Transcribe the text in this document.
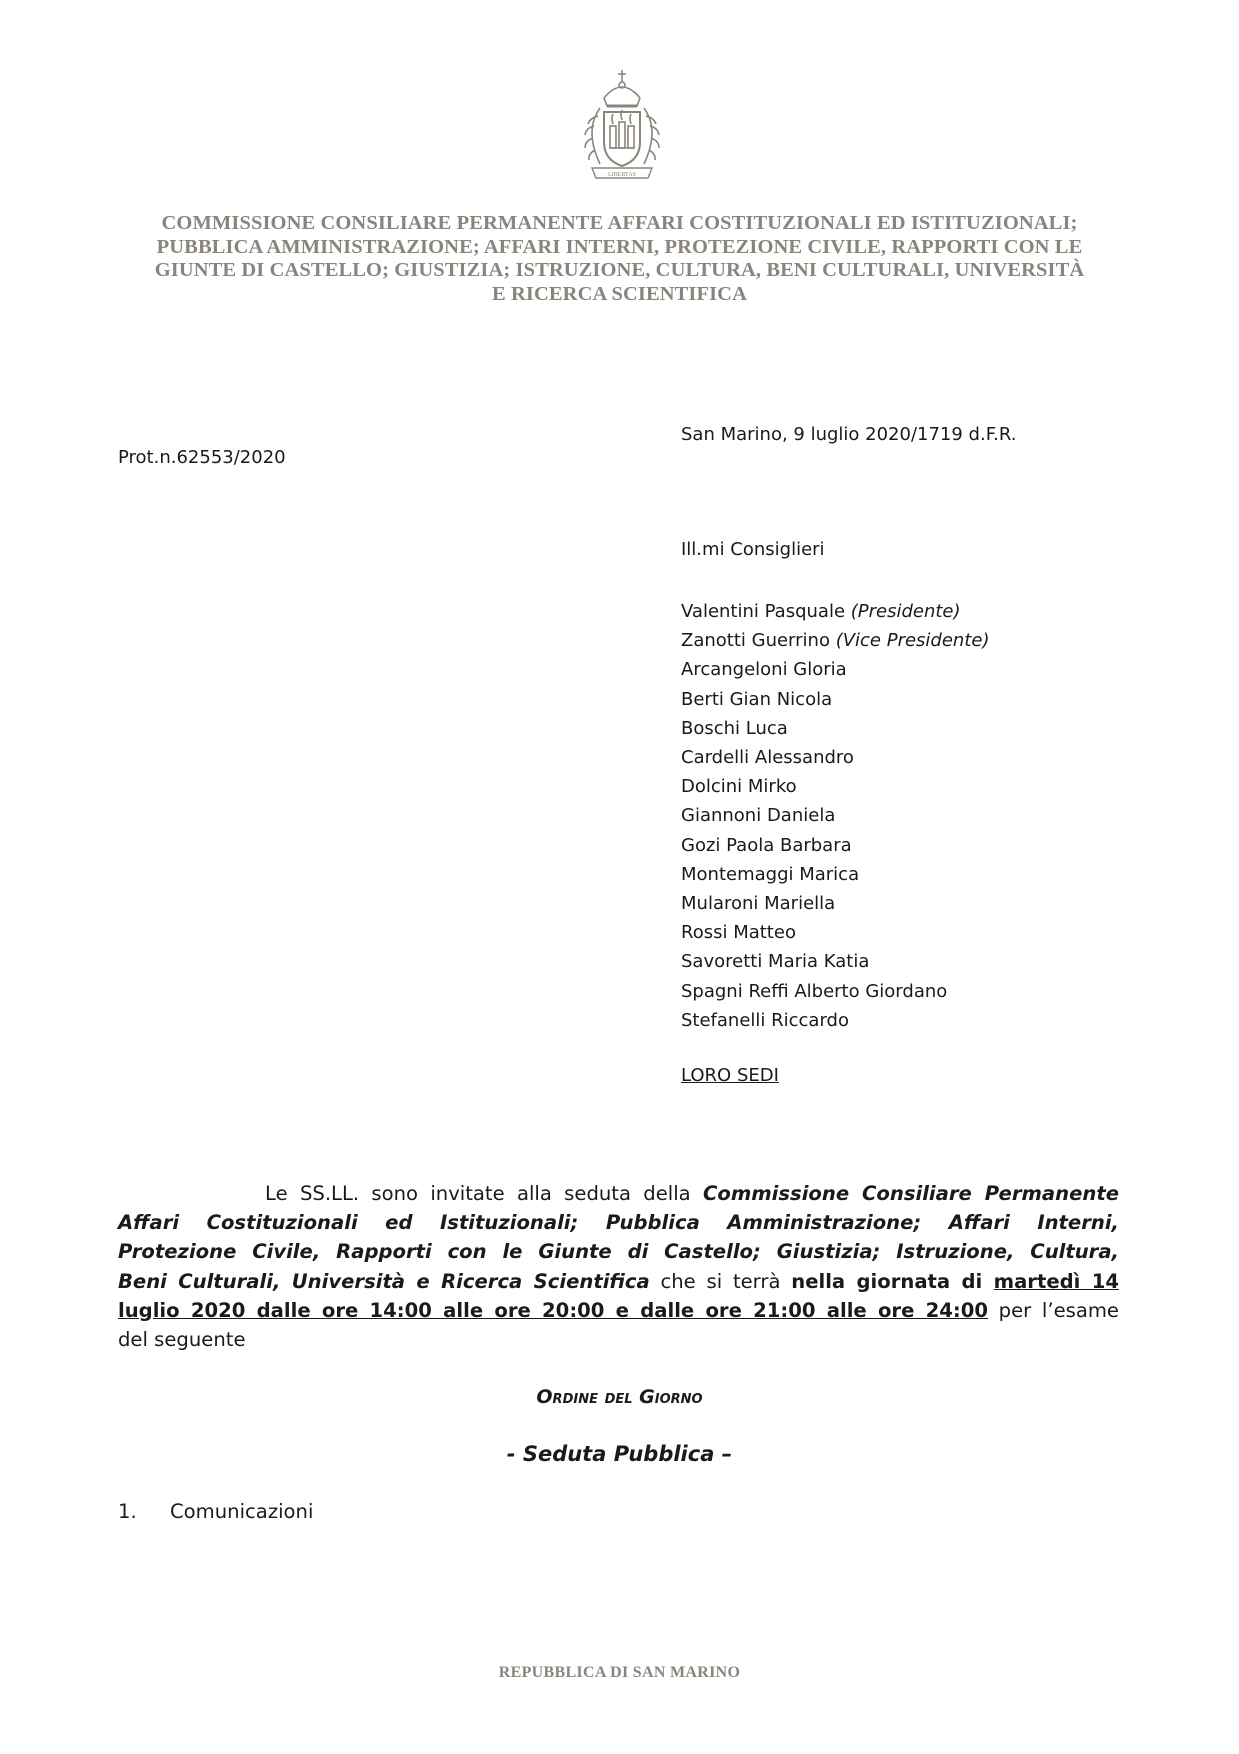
LIBERTAS
COMMISSIONE CONSILIARE PERMANENTE AFFARI COSTITUZIONALI ED ISTITUZIONALI;
PUBBLICA AMMINISTRAZIONE; AFFARI INTERNI, PROTEZIONE CIVILE, RAPPORTI CON LE
GIUNTE DI CASTELLO; GIUSTIZIA; ISTRUZIONE, CULTURA, BENI CULTURALI, UNIVERSITÀ
E RICERCA SCIENTIFICA
Prot.n.62553/2020
San Marino, 9 luglio 2020/1719 d.F.R.
Ill.mi Consiglieri
Valentini Pasquale (Presidente)
Zanotti Guerrino (Vice Presidente)
Arcangeloni Gloria
Berti Gian Nicola
Boschi Luca
Cardelli Alessandro
Dolcini Mirko
Giannoni Daniela
Gozi Paola Barbara
Montemaggi Marica
Mularoni Mariella
Rossi Matteo
Savoretti Maria Katia
Spagni Reffi Alberto Giordano
Stefanelli Riccardo
LORO SEDI
Le SS.LL. sono invitate alla seduta della Commissione Consiliare Permanente
Affari Costituzionali ed Istituzionali; Pubblica Amministrazione; Affari Interni,
Protezione Civile, Rapporti con le Giunte di Castello; Giustizia; Istruzione, Cultura,
Beni Culturali, Università e Ricerca Scientifica che si terrà nella giornata di martedì 14
luglio 2020 dalle ore 14:00 alle ore 20:00 e dalle ore 21:00 alle ore 24:00 per l’esame
del seguente
Ordine del Giorno
- Seduta Pubblica –
1.	Comunicazioni
REPUBBLICA DI SAN MARINO
